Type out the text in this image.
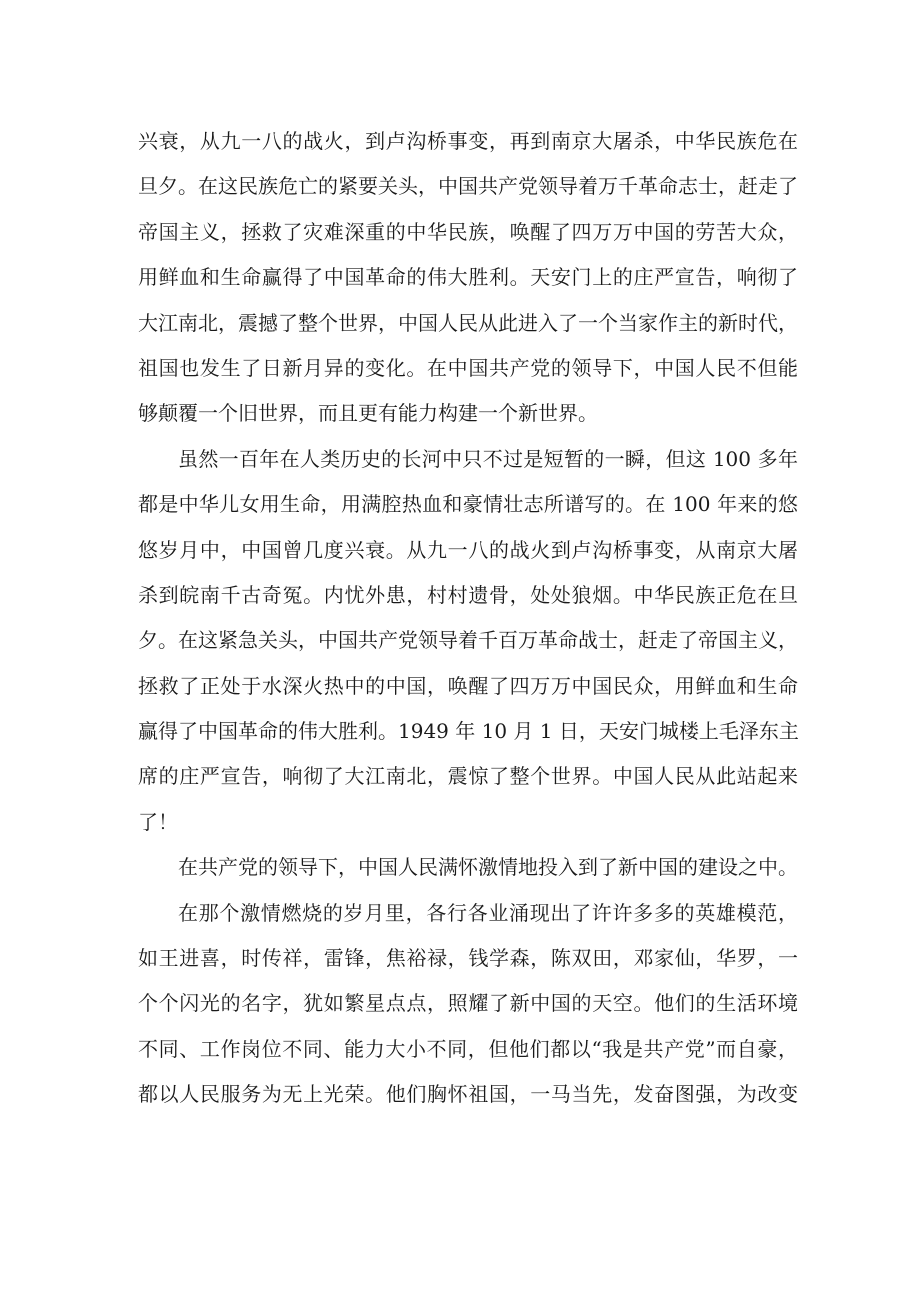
兴衰，从九一八的战火，到卢沟桥事变，再到南京大屠杀，中华民族危在
旦夕。在这民族危亡的紧要关头，中国共产党领导着万千革命志士，赶走了
帝国主义，拯救了灾难深重的中华民族，唤醒了四万万中国的劳苦大众，
用鲜血和生命赢得了中国革命的伟大胜利。天安门上的庄严宣告，响彻了
大江南北，震撼了整个世界，中国人民从此进入了一个当家作主的新时代，
祖国也发生了日新月异的变化。在中国共产党的领导下，中国人民不但能
够颠覆一个旧世界，而且更有能力构建一个新世界。
虽然一百年在人类历史的长河中只不过是短暂的一瞬，但这 100 多年
都是中华儿女用生命，用满腔热血和豪情壮志所谱写的。在 100 年来的悠
悠岁月中，中国曾几度兴衰。从九一八的战火到卢沟桥事变，从南京大屠
杀到皖南千古奇冤。内忧外患，村村遗骨，处处狼烟。中华民族正危在旦
夕。在这紧急关头，中国共产党领导着千百万革命战士，赶走了帝国主义，
拯救了正处于水深火热中的中国，唤醒了四万万中国民众，用鲜血和生命
赢得了中国革命的伟大胜利。1949 年 10 月 1 日，天安门城楼上毛泽东主
席的庄严宣告，响彻了大江南北，震惊了整个世界。中国人民从此站起来
了！
在共产党的领导下，中国人民满怀激情地投入到了新中国的建设之中。
在那个激情燃烧的岁月里，各行各业涌现出了许许多多的英雄模范，
如王进喜，时传祥，雷锋，焦裕禄，钱学森，陈双田，邓家仙，华罗，一
个个闪光的名字，犹如繁星点点，照耀了新中国的天空。他们的生活环境
不同、工作岗位不同、能力大小不同，但他们都以“我是共产党”而自豪，
都以人民服务为无上光荣。他们胸怀祖国，一马当先，发奋图强，为改变
